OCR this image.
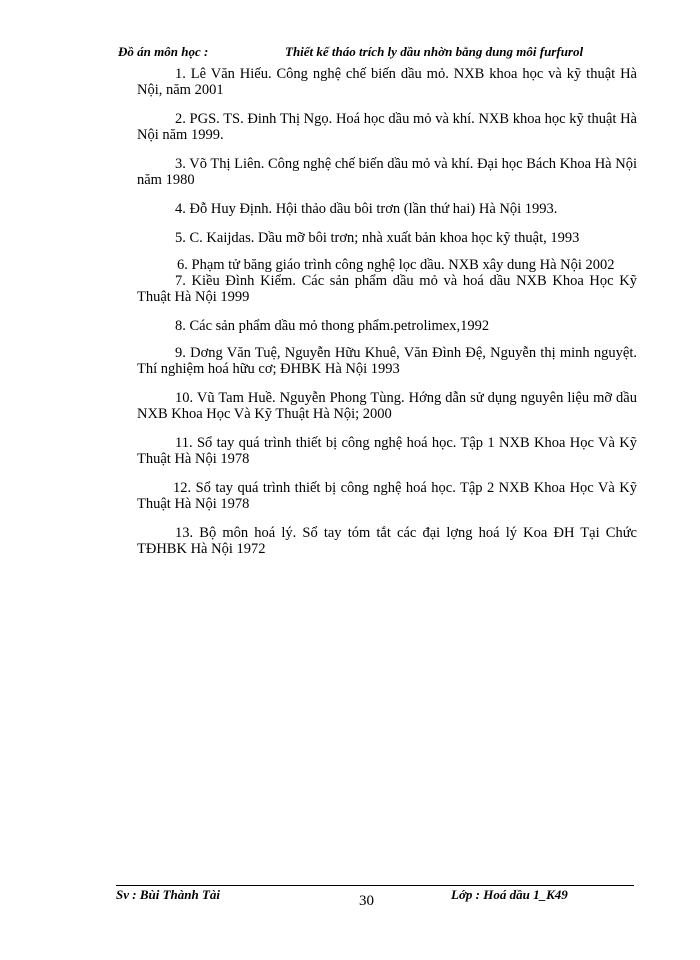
Đồ án môn học :	Thiết kế tháo trích ly dầu nhờn bằng dung môi furfurol

1. Lê Văn Hiếu. Công nghệ chế biến dầu mỏ. NXB khoa học và kỹ thuật Hà Nội, năm 2001

2. PGS. TS. Đinh Thị Ngọ. Hoá học dầu mỏ và khí. NXB khoa học kỹ thuật Hà Nội năm 1999.

3. Võ Thị Liên. Công nghệ chế biến dầu mỏ và khí. Đại học Bách Khoa Hà Nội năm 1980

4. Đỗ Huy Định. Hội thảo dầu bôi trơn (lần thứ hai) Hà Nội 1993.

5. C. Kaijdas. Dầu mỡ bôi trơn; nhà xuất bản khoa học kỹ thuật, 1993

6. Phạm tử băng giáo trình công nghệ lọc dầu. NXB xây dung Hà Nội 2002

7. Kiều Đình Kiểm. Các sản phẩm dầu mỏ và hoá dầu NXB Khoa Học Kỹ Thuật Hà Nội 1999

8. Các sản phẩm dầu mỏ thong phẩm.petrolimex,1992

9. Dơng Văn Tuệ, Nguyễn Hữu Khuê, Văn Đình Đệ, Nguyễn thị minh nguyệt. Thí nghiệm hoá hữu cơ; ĐHBK Hà Nội 1993

10. Vũ Tam Huề. Nguyễn Phong Tùng. Hớng dẫn sử dụng nguyên liệu mỡ dầu NXB Khoa Học Và Kỹ Thuật Hà Nội; 2000

11. Sổ tay quá trình thiết bị công nghệ hoá học. Tập 1 NXB Khoa Học Và Kỹ Thuật Hà Nội 1978

12. Sổ tay quá trình thiết bị công nghệ hoá học. Tập 2 NXB Khoa Học Và Kỹ Thuật Hà Nội 1978

13. Bộ môn hoá lý. Sổ tay tóm tắt các đại lợng hoá lý Koa ĐH Tại Chức TĐHBK Hà Nội 1972

Sv : Bùi Thành Tài	30	Lớp : Hoá dầu 1_K49
